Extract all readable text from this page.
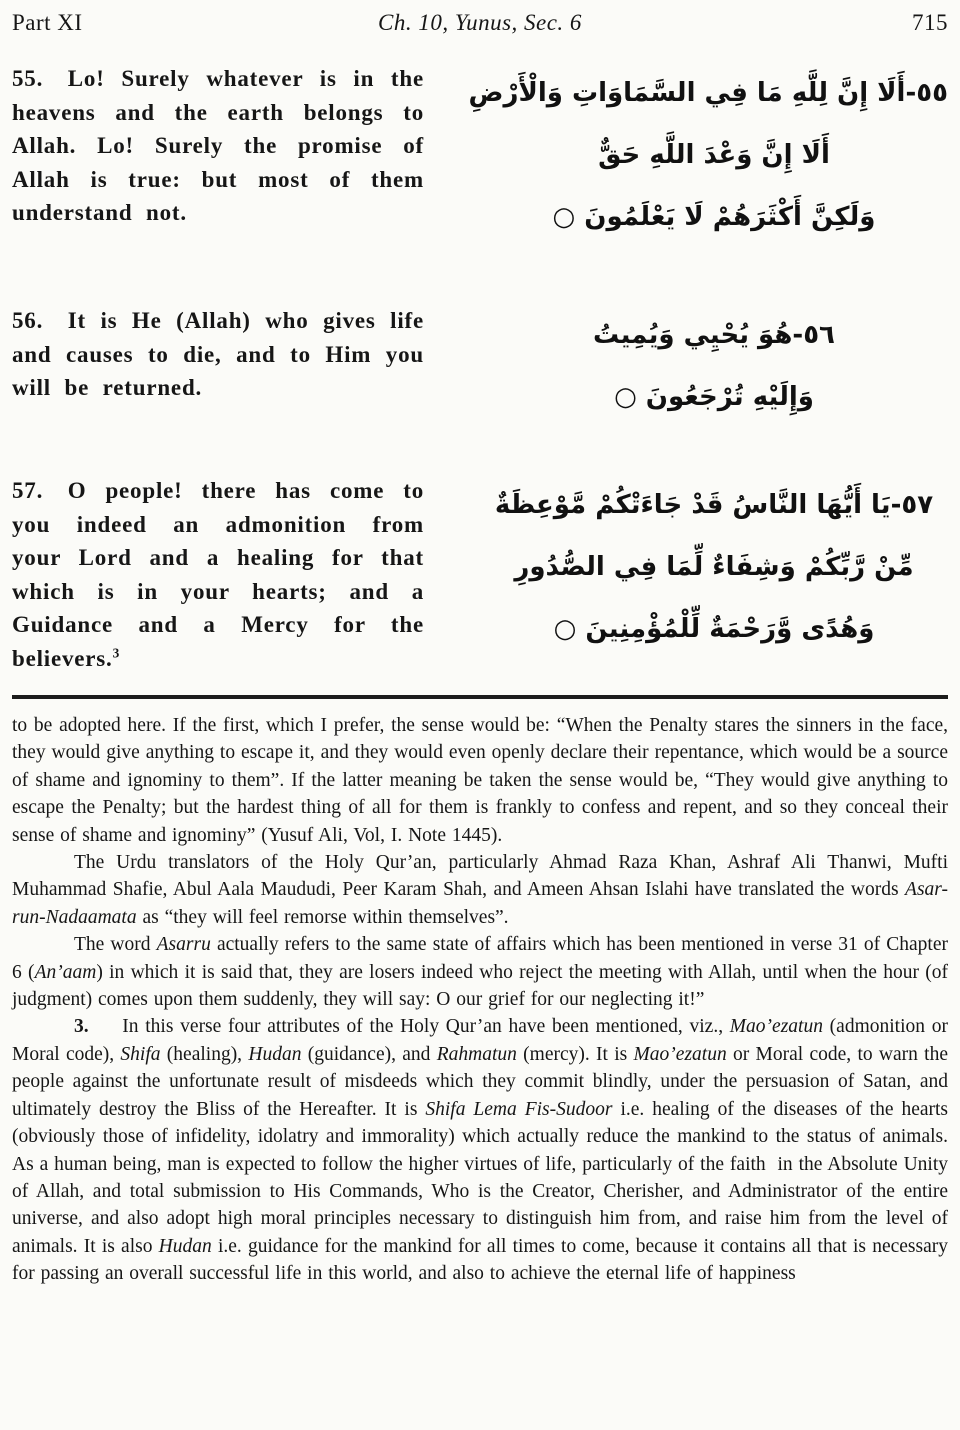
Part XI	Ch. 10, Yunus, Sec. 6	715

55.  Lo! Surely whatever is in the heavens and the earth belongs to Allah. Lo! Surely the promise of Allah is true: but most of them understand not.

٥٥-أَلَا إِنَّ لِلَّهِ مَا فِي السَّمَاوَاتِ وَالْأَرْضِ
أَلَا إِنَّ وَعْدَ اللَّهِ حَقٌّ
وَلَكِنَّ أَكْثَرَهُمْ لَا يَعْلَمُونَ ○

56.  It is He (Allah) who gives life and causes to die, and to Him you will be returned.

٥٦-هُوَ يُحْيِي وَيُمِيتُ
وَإِلَيْهِ تُرْجَعُونَ ○

57.  O people! there has come to you indeed an admonition from your Lord and a healing for that which is in your hearts; and a Guidance and a Mercy for the believers.$^3$

٥٧-يَا أَيُّهَا النَّاسُ قَدْ جَاءَتْكُمْ مَّوْعِظَةٌ
مِّنْ رَّبِّكُمْ وَشِفَاءٌ لِّمَا فِي الصُّدُورِ
وَهُدًى وَّرَحْمَةٌ لِّلْمُؤْمِنِينَ ○

to be adopted here. If the first, which I prefer, the sense would be: “When the Penalty stares the sinners in the face, they would give anything to escape it, and they would even openly declare their repentance, which would be a source of shame and ignominy to them”. If the latter meaning be taken the sense would be, “They would give anything to escape the Penalty; but the hardest thing of all for them is frankly to confess and repent, and so they conceal their sense of shame and ignominy” (Yusuf Ali, Vol, I. Note 1445).

The Urdu translators of the Holy Qur’an, particularly Ahmad Raza Khan, Ashraf Ali Thanwi, Mufti Muhammad Shafie, Abul Aala Maududi, Peer Karam Shah, and Ameen Ahsan Islahi have translated the words Asar-run-Nadaamata as “they will feel remorse within themselves”.

The word Asarru actually refers to the same state of affairs which has been mentioned in verse 31 of Chapter 6 (An’aam) in which it is said that, they are losers indeed who reject the meeting with Allah, until when the hour (of judgment) comes upon them suddenly, they will say: O our grief for our neglecting it!”

3.     In this verse four attributes of the Holy Qur’an have been mentioned, viz., Mao’ezatun (admonition or Moral code), Shifa (healing), Hudan (guidance), and Rahmatun (mercy). It is Mao’ezatun or Moral code, to warn the people against the unfortunate result of misdeeds which they commit blindly, under the persuasion of Satan, and ultimately destroy the Bliss of the Hereafter. It is Shifa Lema Fis-Sudoor i.e. healing of the diseases of the hearts (obviously those of infidelity, idolatry and immorality) which actually reduce the mankind to the status of animals. As a human being, man is expected to follow the higher virtues of life, particularly of the faith  in the Absolute Unity of Allah, and total submission to His Commands, Who is the Creator, Cherisher, and Administrator of the entire universe, and also adopt high moral principles necessary to distinguish him from, and raise him from the level of animals. It is also Hudan i.e. guidance for the mankind for all times to come, because it contains all that is necessary for passing an overall successful life in this world, and also to achieve the eternal life of happiness
